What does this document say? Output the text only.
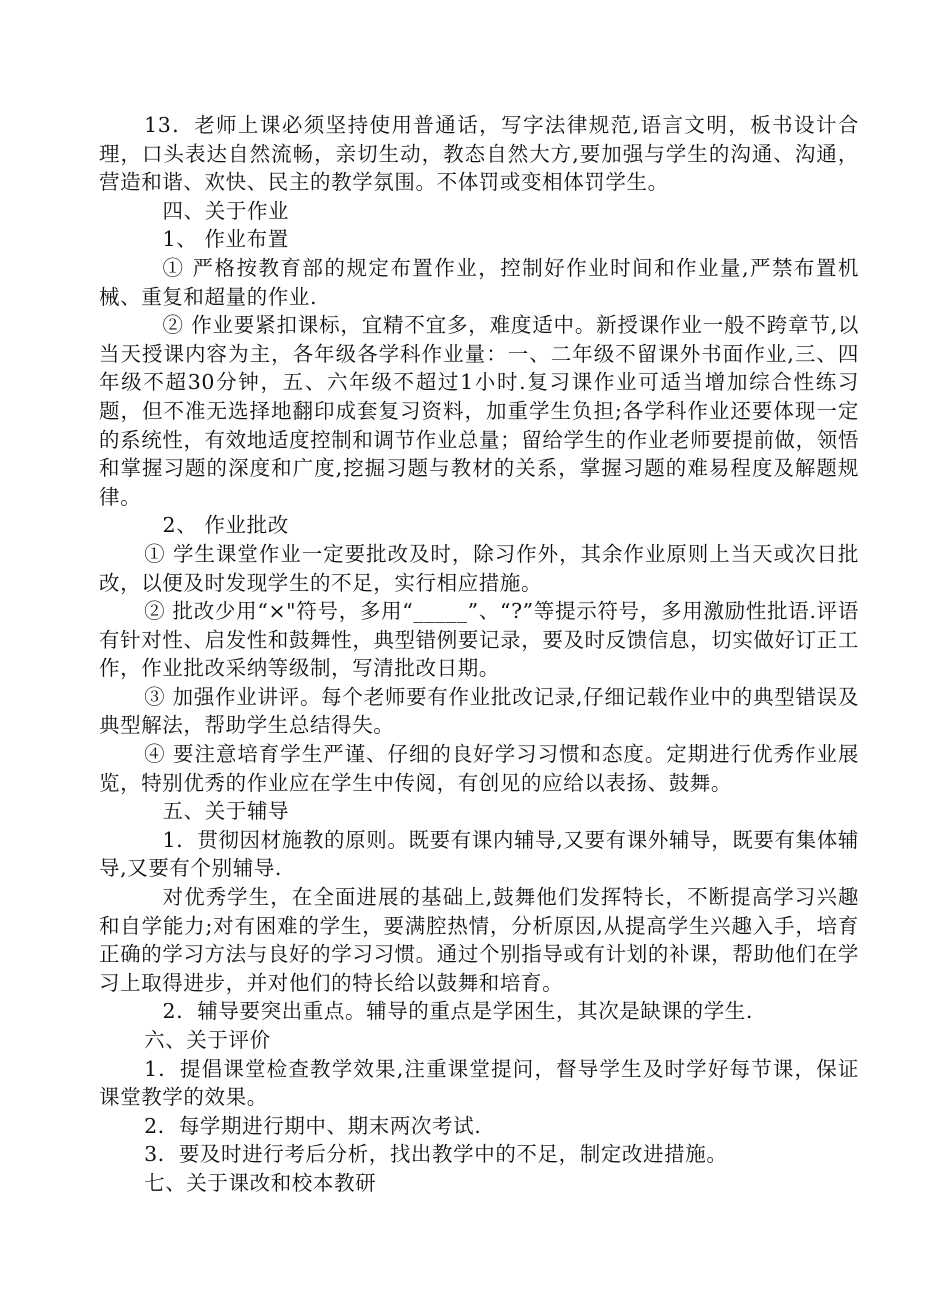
13．老师上课必须坚持使用普通话，写字法律规范,语言文明，板书设计合理，口头表达自然流畅，亲切生动，教态自然大方,要加强与学生的沟通、沟通，营造和谐、欢快、民主的教学氛围。不体罚或变相体罚学生。

四、关于作业

1、 作业布置

① 严格按教育部的规定布置作业，控制好作业时间和作业量,严禁布置机械、重复和超量的作业.

② 作业要紧扣课标，宜精不宜多，难度适中。新授课作业一般不跨章节,以当天授课内容为主，各年级各学科作业量：一、二年级不留课外书面作业,三、四年级不超30分钟，五、六年级不超过1小时.复习课作业可适当增加综合性练习题，但不准无选择地翻印成套复习资料，加重学生负担;各学科作业还要体现一定的系统性，有效地适度控制和调节作业总量；留给学生的作业老师要提前做，领悟和掌握习题的深度和广度,挖掘习题与教材的关系，掌握习题的难易程度及解题规律。

2、 作业批改

① 学生课堂作业一定要批改及时，除习作外，其余作业原则上当天或次日批改，以便及时发现学生的不足，实行相应措施。

② 批改少用“×"符号，多用“_____”、“?”等提示符号，多用激励性批语.评语有针对性、启发性和鼓舞性，典型错例要记录，要及时反馈信息，切实做好订正工作，作业批改采纳等级制，写清批改日期。

③ 加强作业讲评。每个老师要有作业批改记录,仔细记载作业中的典型错误及典型解法，帮助学生总结得失。

④ 要注意培育学生严谨、仔细的良好学习习惯和态度。定期进行优秀作业展览，特别优秀的作业应在学生中传阅，有创见的应给以表扬、鼓舞。

五、关于辅导

1．贯彻因材施教的原则。既要有课内辅导,又要有课外辅导，既要有集体辅导,又要有个别辅导.

对优秀学生，在全面进展的基础上,鼓舞他们发挥特长，不断提高学习兴趣和自学能力;对有困难的学生，要满腔热情，分析原因,从提高学生兴趣入手，培育正确的学习方法与良好的学习习惯。通过个别指导或有计划的补课，帮助他们在学习上取得进步，并对他们的特长给以鼓舞和培育。

2．辅导要突出重点。辅导的重点是学困生，其次是缺课的学生.

六、关于评价

1．提倡课堂检查教学效果,注重课堂提问，督导学生及时学好每节课，保证课堂教学的效果。

2．每学期进行期中、期末两次考试.

3．要及时进行考后分析，找出教学中的不足，制定改进措施。

七、关于课改和校本教研
